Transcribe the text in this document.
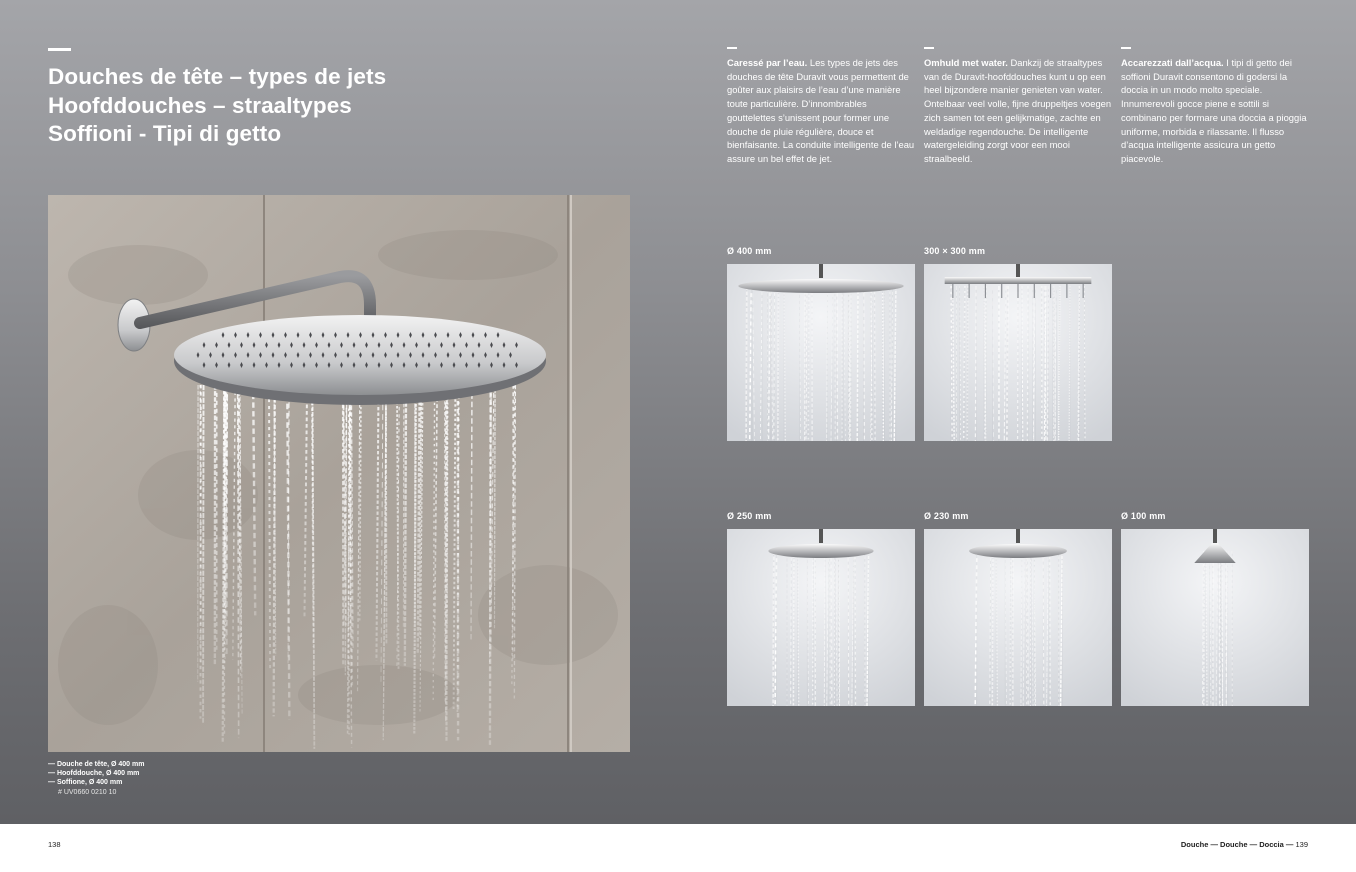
Douches de tête – types de jets
Hoofddouches – straaltypes
Soffioni - Tipi di getto
Caressé par l’eau. Les types de jets des douches de tête Duravit vous permettent de goûter aux plaisirs de l’eau d’une manière toute particulière. D’innombrables gouttelettes s’unissent pour former une douche de pluie régulière, douce et bienfaisante. La conduite intelligente de l’eau assure un bel effet de jet.
Omhuld met water. Dankzij de straaltypes van de Duravit-hoofddouches kunt u op een heel bijzondere manier genieten van water. Ontelbaar veel volle, fijne druppeltjes voegen zich samen tot een gelijkmatige, zachte en weldadige regendouche. De intelligente watergeleiding zorgt voor een mooi straalbeeld.
Accarezzati dall’acqua. I tipi di getto dei soffioni Duravit consentono di godersi la doccia in un modo molto speciale. Innumerevoli gocce piene e sottili si combinano per formare una doccia a pioggia uniforme, morbida e rilassante. Il flusso d’acqua intelligente assicura un getto piacevole.
— Douche de tête, Ø 400 mm
— Hoofddouche, Ø 400 mm
— Soffione, Ø 400 mm
# UV0660 0210 10
Ø 400 mm	300 × 300 mm
Ø 250 mm	Ø 230 mm	Ø 100 mm
138	Douche — Douche — Doccia — 139
